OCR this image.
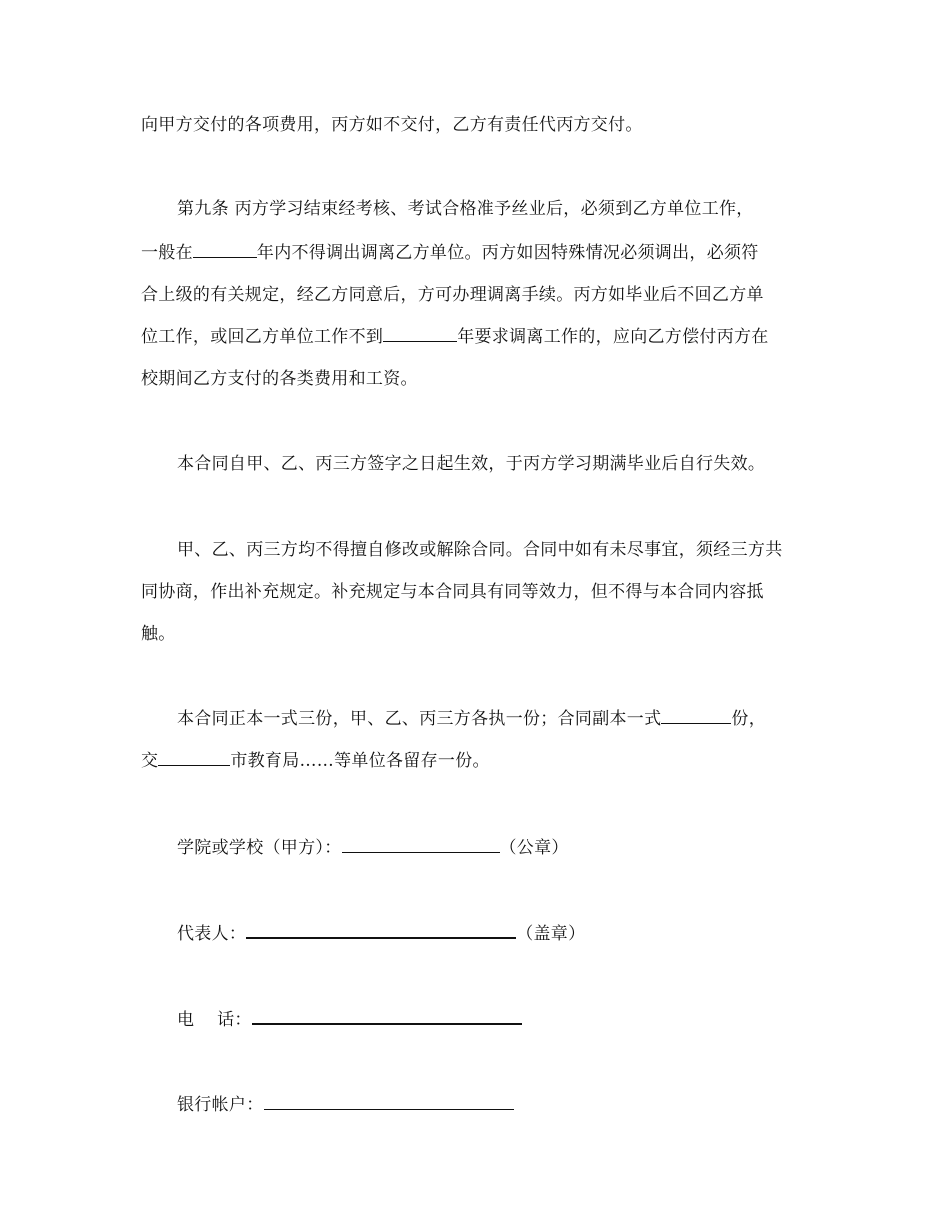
向甲方交付的各项费用，丙方如不交付，乙方有责任代丙方交付。
第九条 丙方学习结束经考核、考试合格准予丝业后，必须到乙方单位工作，
一般在	年内不得调出调离乙方单位。丙方如因特殊情况必须调出，必须符
合上级的有关规定，经乙方同意后，方可办理调离手续。丙方如毕业后不回乙方单
位工作，或回乙方单位工作不到	年要求调离工作的，应向乙方偿付丙方在
校期间乙方支付的各类费用和工资。
本合同自甲、乙、丙三方签字之日起生效，于丙方学习期满毕业后自行失效。
甲、乙、丙三方均不得擅自修改或解除合同。合同中如有未尽事宜，须经三方共
同协商，作出补充规定。补充规定与本合同具有同等效力，但不得与本合同内容抵
触。
本合同正本一式三份，甲、乙、丙三方各执一份；合同副本一式	份，
交	市教育局……等单位各留存一份。
学院或学校（甲方）：	（公章）
代表人：	（盖章）
电    话：
银行帐户：
